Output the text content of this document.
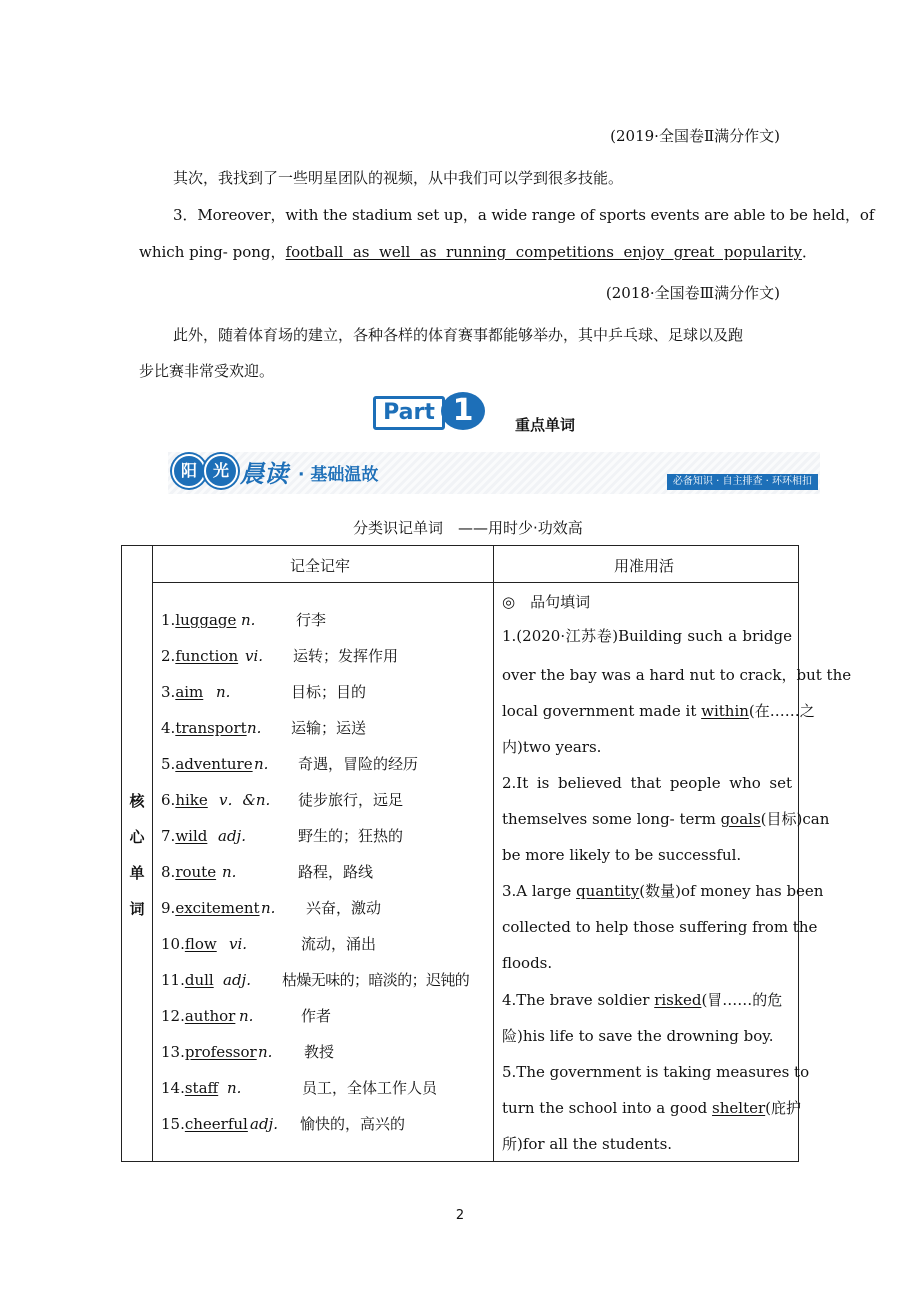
(2019·全国卷Ⅱ满分作文)
其次，我找到了一些明星团队的视频，从中我们可以学到很多技能。
3．Moreover，with the stadium set up，a wide range of sports events are able to be held，of
which ping- pong，football  as  well  as  running  competitions  enjoy  great  popularity．
(2018·全国卷Ⅲ满分作文)
此外，随着体育场的建立，各种各样的体育赛事都能够举办，其中乒乓球、足球以及跑
步比赛非常受欢迎。
Part 1	重点单词
阳 光 晨读 · 基础温故	必备知识 · 自主排查 · 环环相扣
分类识记单词　——用时少·功效高
记全记牢	用准用活
核
心
单
词
1.luggage n.	行李
2.function vi. 运转；发挥作用
3.aim n.	目标；目的
4.transport n. 运输；运送
5.adventure n. 奇遇，冒险的经历
6.hike v．&n. 徒步旅行，远足
7.wild adj.	野生的；狂热的
8.route n.	路程，路线
9.excitement n. 兴奋，激动
10.flow vi.	流动，涌出
11.dull adj. 枯燥无味的；暗淡的；迟钝的
12.author n.	作者
13.professor n. 教授
14.staff n.	员工，全体工作人员
15.cheerful adj. 愉快的，高兴的
◎　品句填词
1.(2020·江苏卷)Building such a bridge
over the bay was a hard nut to crack，but the
local government made it within(在……之
内)two years.
2.It is believed that people who set
themselves some long- term goals(目标)can
be more likely to be successful.
3.A large quantity(数量)of money has been
collected to help those suffering from the
floods.
4.The brave soldier risked(冒……的危
险)his life to save the drowning boy.
5.The government is taking measures to
turn the school into a good shelter(庇护
所)for all the students.
2
